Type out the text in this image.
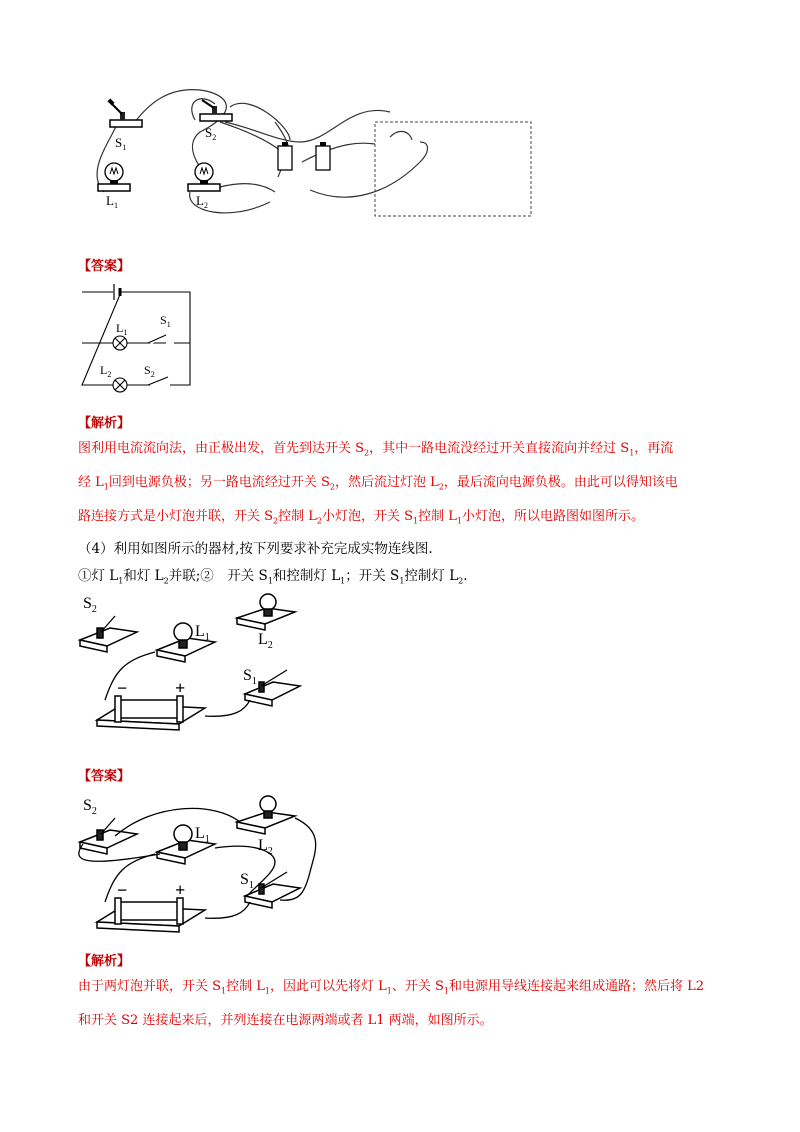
$S_1$
$S_2$
$L_1$	$L_2$
【答案】
$L_1$
$S_1$
$L_2$	$S_2$
【解析】
图利用电流流向法，由正极出发，首先到达开关 $S_2$，其中一路电流没经过开关直接流向并经过 $S_1$，再流
经 $L_1$回到电源负极；另一路电流经过开关 $S_2$，然后流过灯泡 $L_2$，最后流向电源负极。由此可以得知该电
路连接方式是小灯泡并联，开关 $S_2$控制 $L_2$小灯泡，开关 $S_1$控制 $L_1$小灯泡，所以电路图如图所示。
（4）利用如图所示的器材,按下列要求补充完成实物连线图.
①灯 $L_1$和灯 $L_2$并联;②　开关 $S_1$和控制灯 $L_1$；开关 $S_1$控制灯 $L_2$.
$S_2$
$L_1$	$L_2$
$S_1$
−	+
【答案】
$S_2$
$L_1$	$L_2$
$S_1$
−	+
【解析】
由于两灯泡并联，开关 $S_1$控制 $L_1$，因此可以先将灯 $L_1$、开关 $S_1$和电源用导线连接起来组成通路；然后将 L2
和开关 S2 连接起来后，并列连接在电源两端或者 L1 两端，如图所示。
